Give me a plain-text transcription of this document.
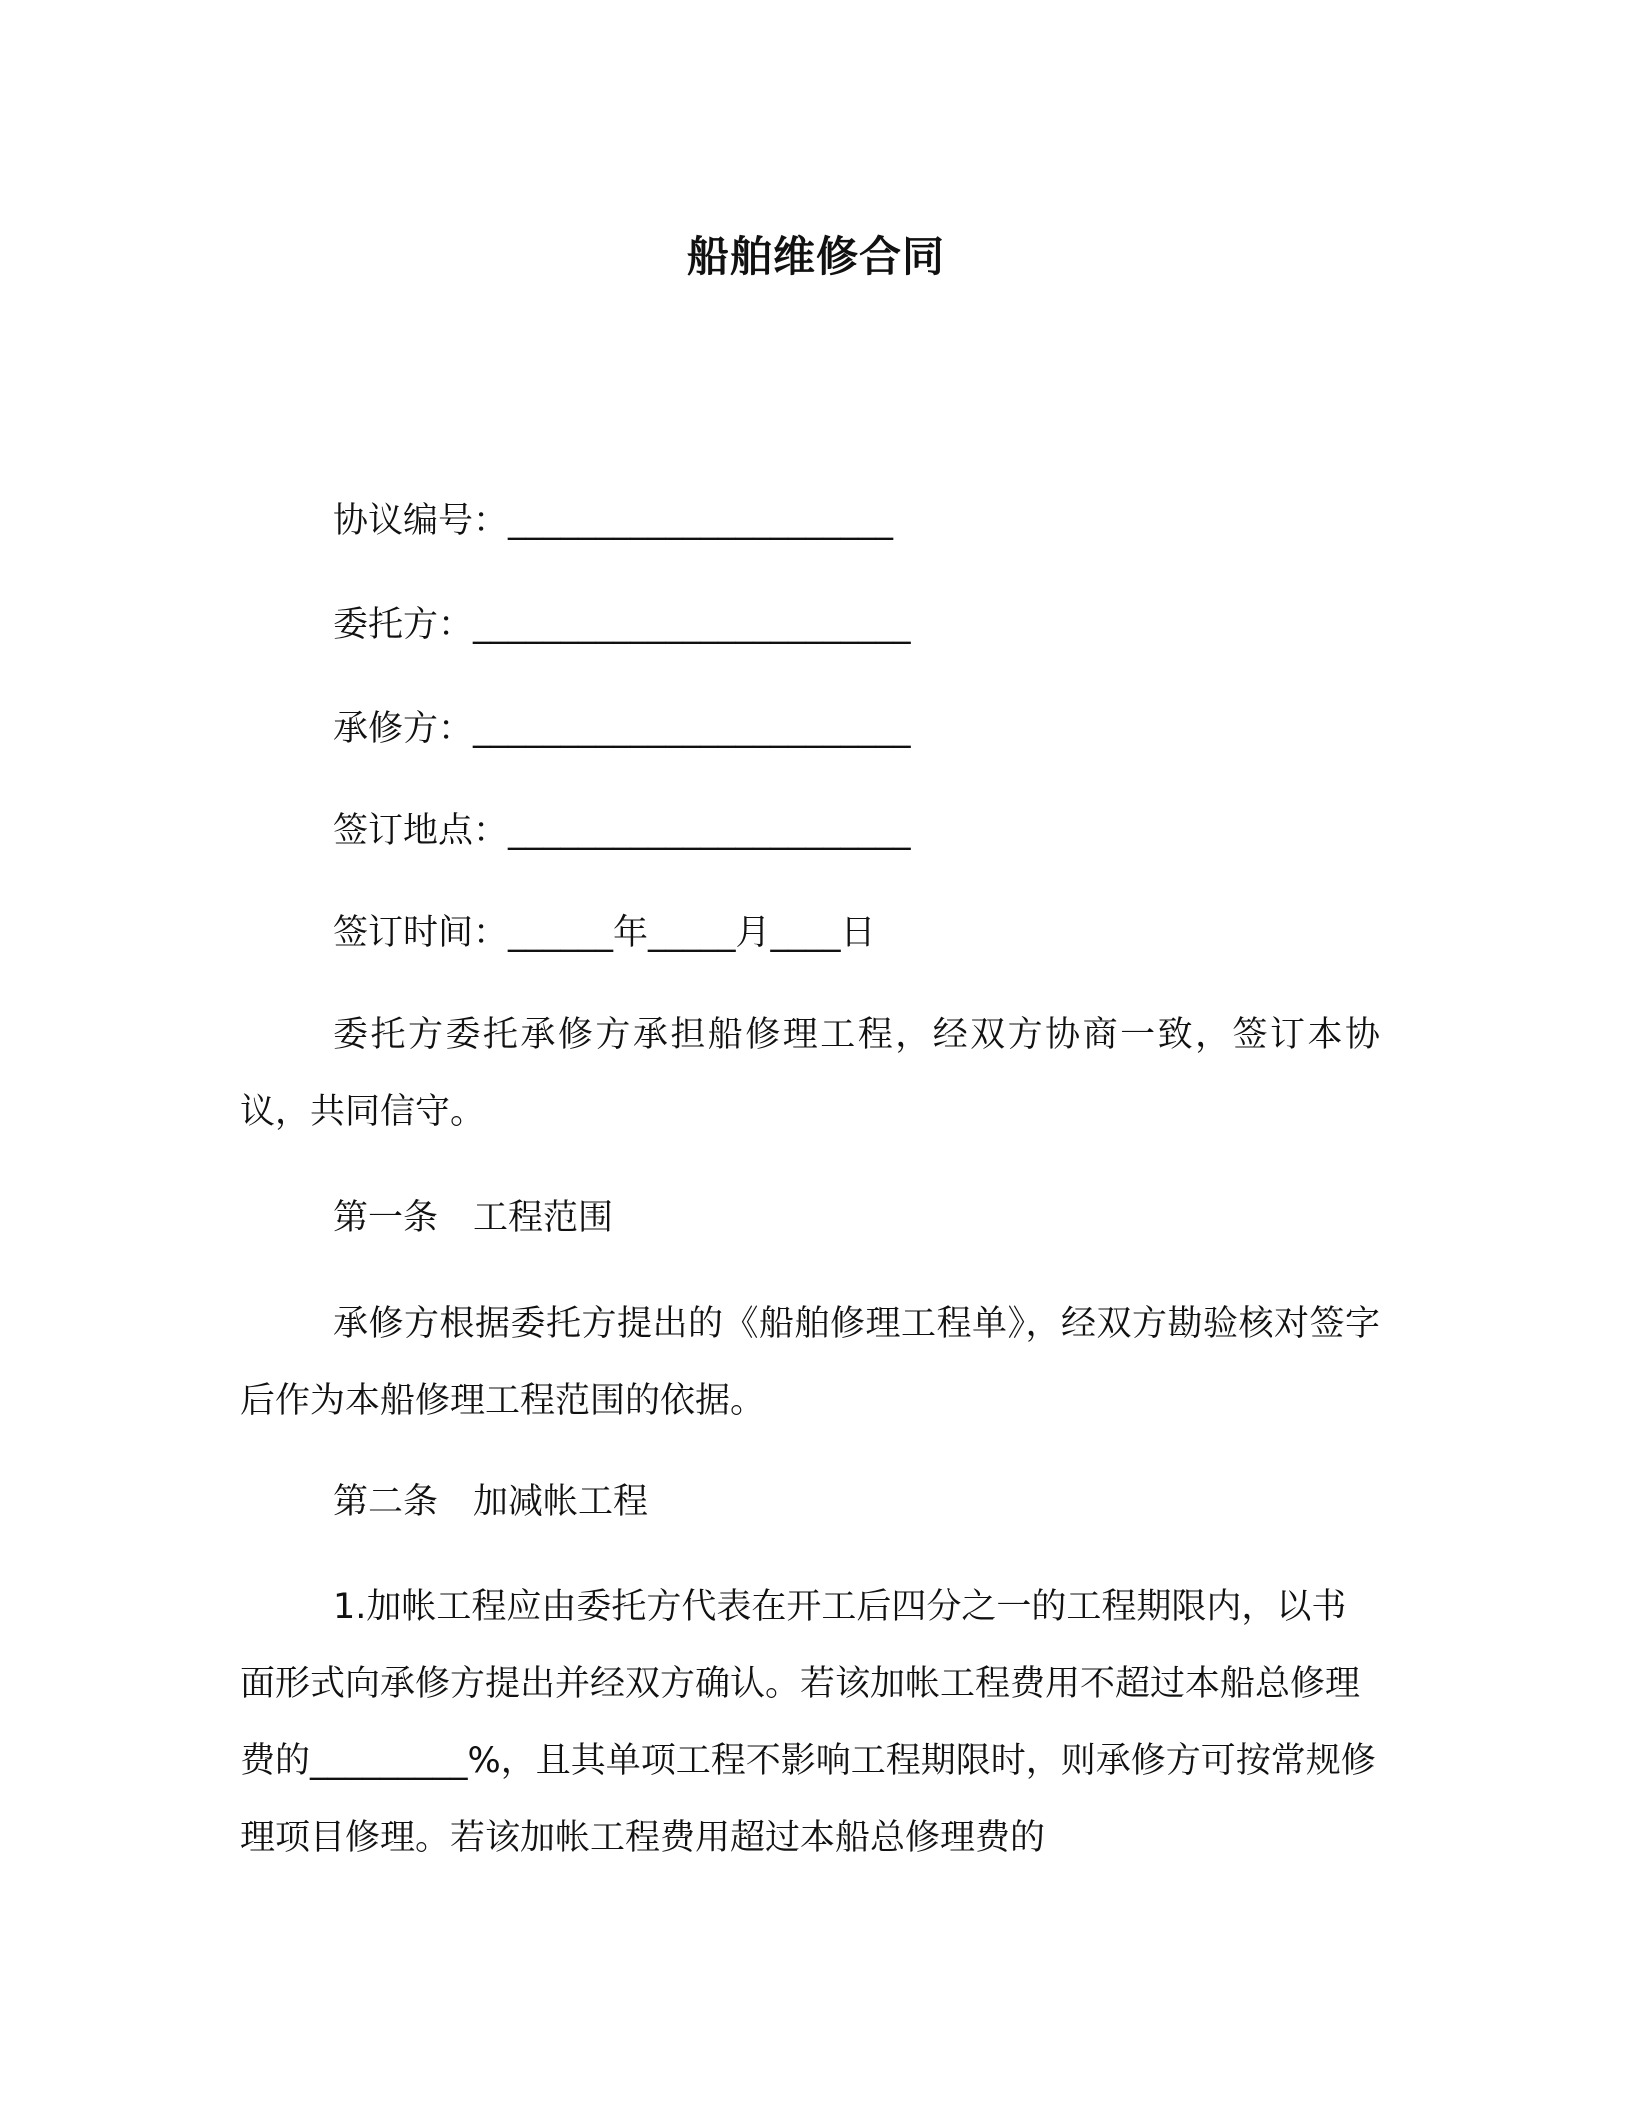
船舶维修合同
协议编号：______________________
委托方：_________________________
承修方：_________________________
签订地点：_______________________
签订时间：______年_____月____日
委托方委托承修方承担船修理工程，经双方协商一致，签订本协议，共同信守。
第一条　工程范围
承修方根据委托方提出的《船舶修理工程单》，经双方勘验核对签字后作为本船修理工程范围的依据。
第二条　加减帐工程
1.加帐工程应由委托方代表在开工后四分之一的工程期限内，以书面形式向承修方提出并经双方确认。若该加帐工程费用不超过本船总修理费的_________%，且其单项工程不影响工程期限时，则承修方可按常规修理项目修理。若该加帐工程费用超过本船总修理费的
